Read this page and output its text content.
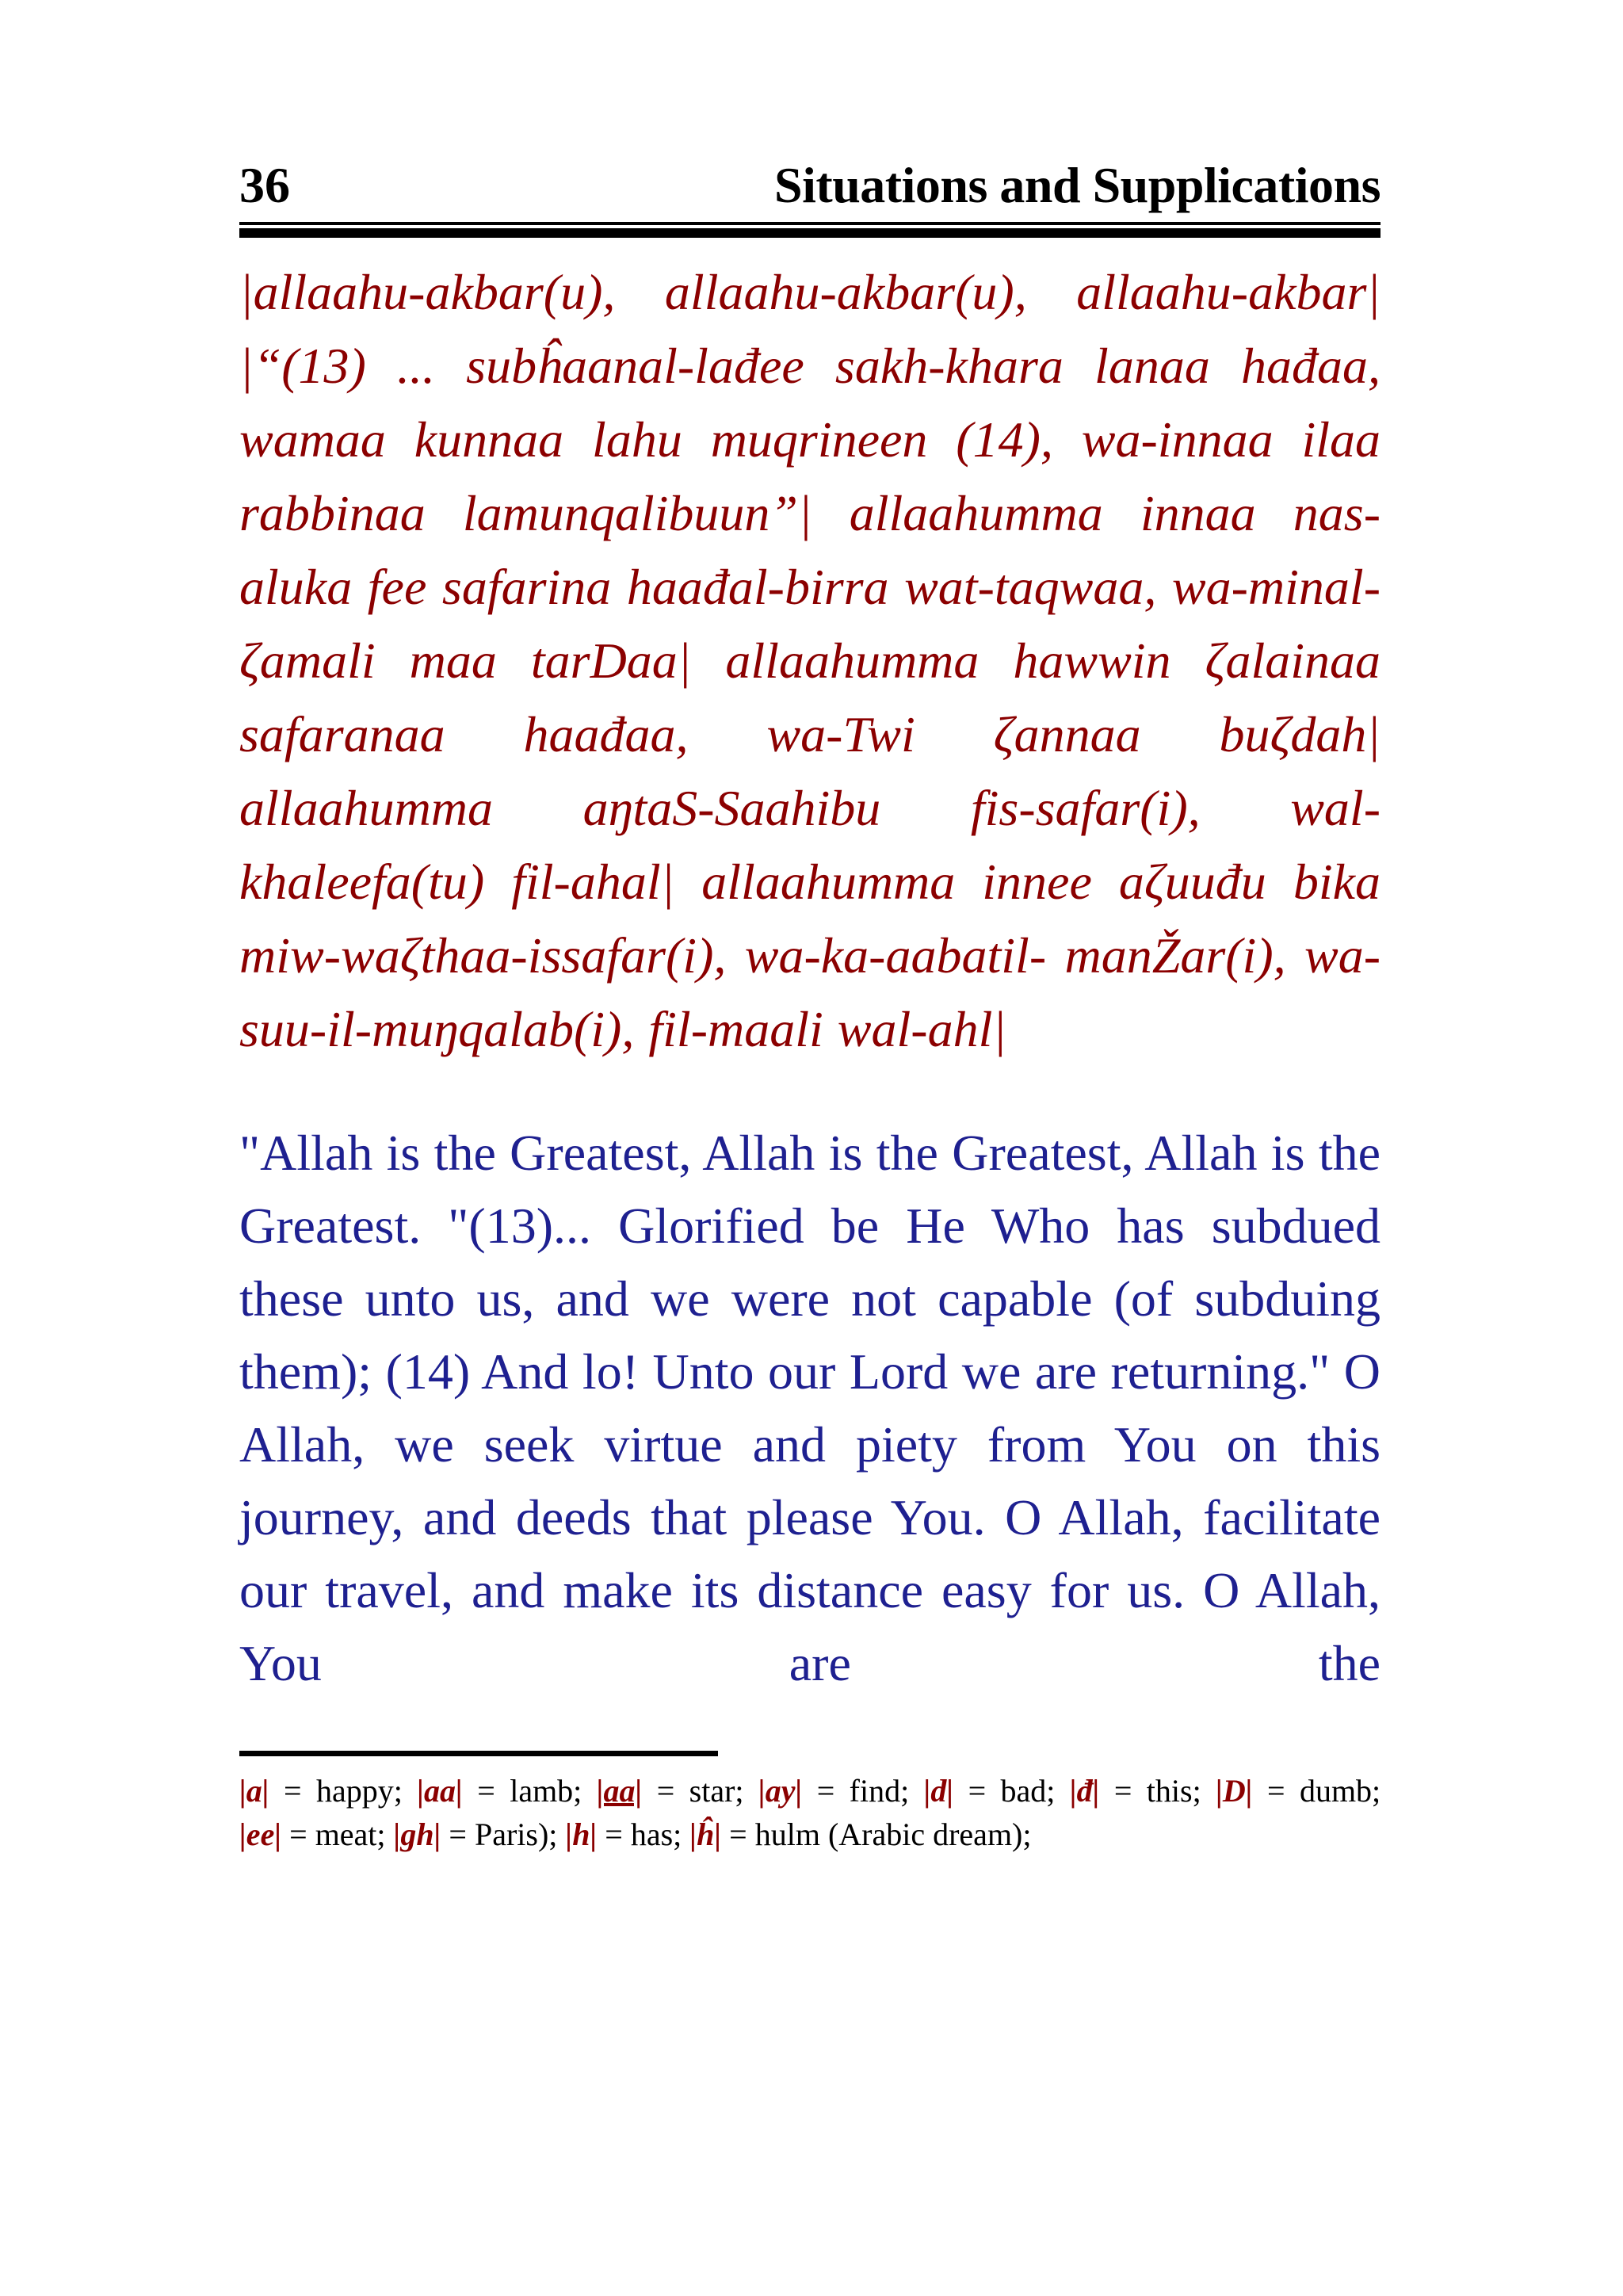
36	Situations and Supplications

|allaahu-akbar(u), allaahu-akbar(u), allaahu-akbar| |“(13) ... subĥaanal-lađee sakh-khara lanaa hađaa, wamaa kunnaa lahu muqrineen (14), wa-innaa ilaa rabbinaa lamunqalibuun”| allaahumma innaa nas-aluka fee safarina haađal-birra wat-taqwaa, wa-minal-ζamali maa tarDaa| allaahumma hawwin ζalainaa safaranaa haađaa, wa-Twi ζannaa buζdah| allaahumma aŋtaS-Saahibu fis-safar(i), wal-khaleefa(tu) fil-ahal| allaahumma innee aζuuđu bika miw-waζthaa-issafar(i), wa-ka-aabatil- manŽar(i), wa-suu-il-muŋqalab(i), fil-maali wal-ahl|

"Allah is the Greatest, Allah is the Greatest, Allah is the Greatest. "(13)... Glorified be He Who has subdued these unto us, and we were not capable (of subduing them); (14) And lo! Unto our Lord we are returning." O Allah, we seek virtue and piety from You on this journey, and deeds that please You. O Allah, facilitate our travel, and make its distance easy for us. O Allah, You are the

|a| = happy; |aa| = lamb; |aa| = star; |ay| = find; |d| = bad; |đ| = this; |D| = dumb; |ee| = meat; |gh| = Paris); |h| = has; |ĥ| = hulm (Arabic dream);
